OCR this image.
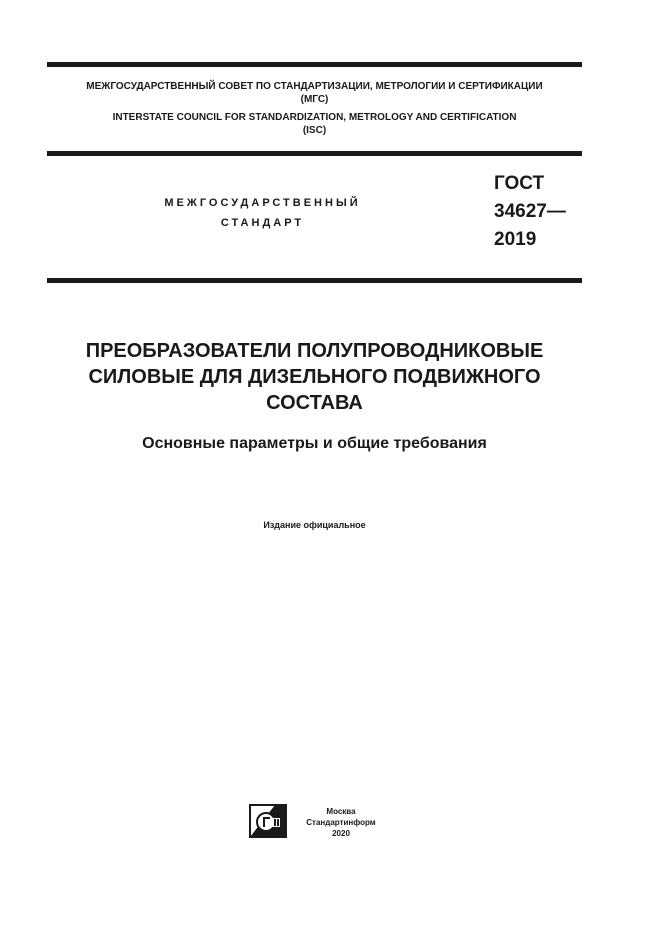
МЕЖГОСУДАРСТВЕННЫЙ СОВЕТ ПО СТАНДАРТИЗАЦИИ, МЕТРОЛОГИИ И СЕРТИФИКАЦИИ
(МГС)
INTERSTATE COUNCIL FOR STANDARDIZATION, METROLOGY AND CERTIFICATION
(ISC)
МЕЖГОСУДАРСТВЕННЫЙ
СТАНДАРТ
ГОСТ
34627—
2019
ПРЕОБРАЗОВАТЕЛИ ПОЛУПРОВОДНИКОВЫЕ
СИЛОВЫЕ ДЛЯ ДИЗЕЛЬНОГО ПОДВИЖНОГО
СОСТАВА
Основные параметры и общие требования
Издание официальное
Москва
Стандартинформ
2020
